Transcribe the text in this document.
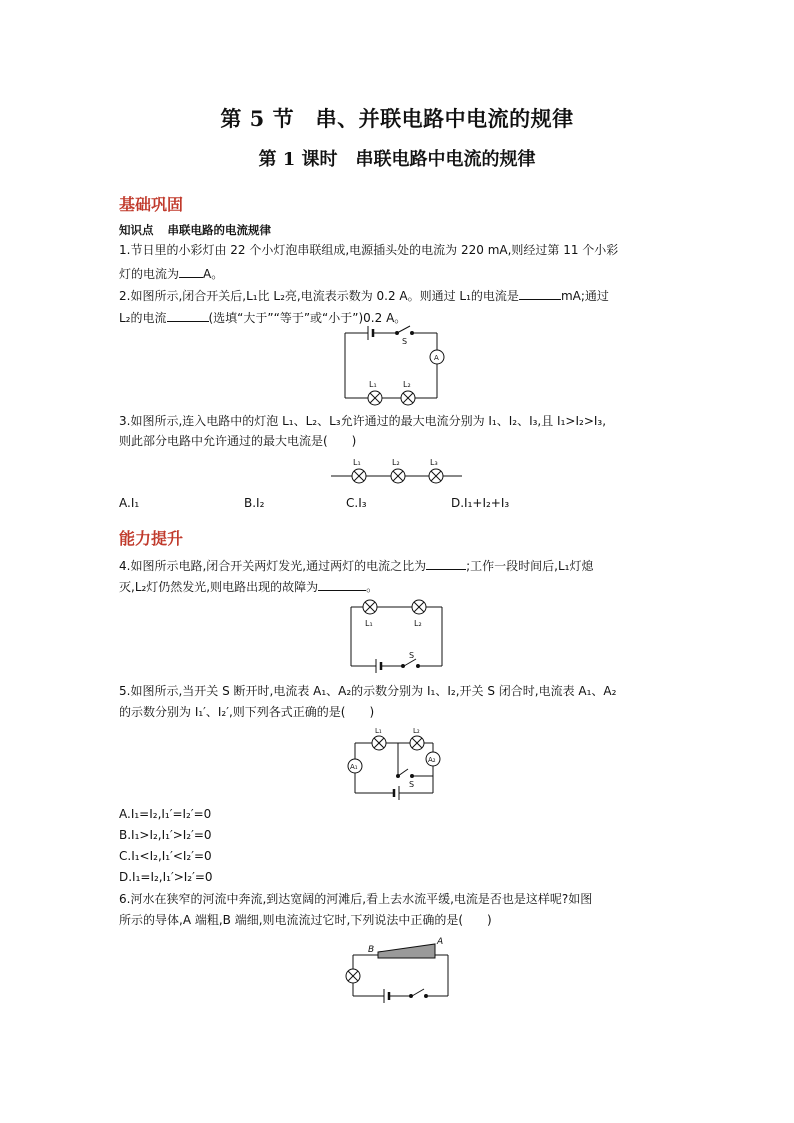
第 5 节　串、并联电路中电流的规律
第 1 课时　串联电路中电流的规律
基础巩固
知识点 串联电路的电流规律
1.节日里的小彩灯由 22 个小灯泡串联组成,电源插头处的电流为 220 mA,则经过第 11 个小彩
灯的电流为 A。
2.如图所示,闭合开关后,L₁比 L₂亮,电流表示数为 0.2 A。则通过 L₁的电流是	mA;通过
L₂的电流	(选填“大于”“等于”或“小于”)0.2 A。
S
A
L₁	L₂
L₁	L₂	L₃
L₁	L₂
S
L₁	L₂
A₁
A₂
S
B
A
3.如图所示,连入电路中的灯泡 L₁、L₂、L₃允许通过的最大电流分别为 I₁、I₂、I₃,且 I₁>I₂>I₃,
则此部分电路中允许通过的最大电流是(　　)
A.I₁	B.I₂	C.I₃	D.I₁+I₂+I₃
能力提升
4.如图所示电路,闭合开关两灯发光,通过两灯的电流之比为	;工作一段时间后,L₁灯熄
灭,L₂灯仍然发光,则电路出现的故障为	。
5.如图所示,当开关 S 断开时,电流表 A₁、A₂的示数分别为 I₁、I₂,开关 S 闭合时,电流表 A₁、A₂
的示数分别为 I₁′、I₂′,则下列各式正确的是(　　)
A.I₁=I₂,I₁′=I₂′=0
B.I₁>I₂,I₁′>I₂′=0
C.I₁<I₂,I₁′<I₂′=0
D.I₁=I₂,I₁′>I₂′=0
6.河水在狭窄的河流中奔流,到达宽阔的河滩后,看上去水流平缓,电流是否也是这样呢?如图
所示的导体,A 端粗,B 端细,则电流流过它时,下列说法中正确的是(　　)
